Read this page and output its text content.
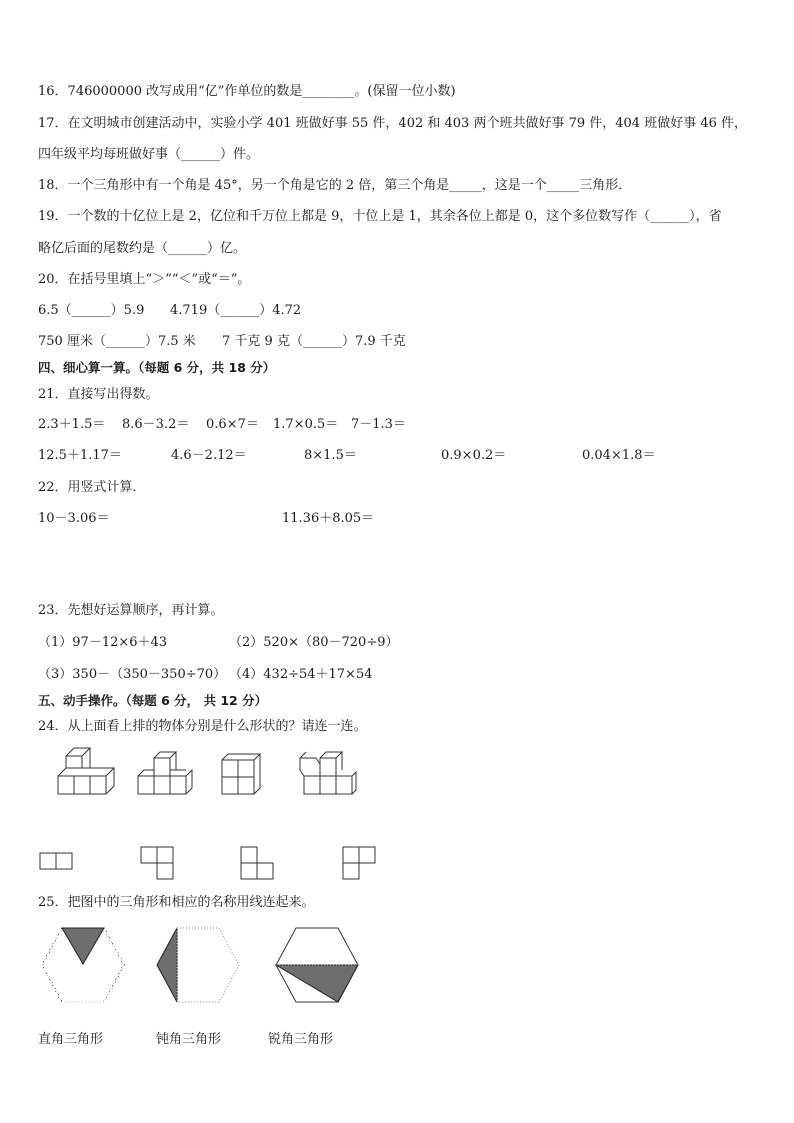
16．746000000 改写成用“亿”作单位的数是________。(保留一位小数)
17．在文明城市创建活动中，实验小学 401 班做好事 55 件，402 和 403 两个班共做好事 79 件，404 班做好事 46 件，
四年级平均每班做好事（______）件。
18．一个三角形中有一个角是 45°，另一个角是它的 2 倍，第三个角是_____，这是一个_____三角形．
19．一个数的十亿位上是 2，亿位和千万位上都是 9，十位上是 1，其余各位上都是 0，这个多位数写作（______），省
略亿后面的尾数约是（______）亿。
20．在括号里填上“＞”“＜”或“＝”。
6.5（______）5.9 4.719（______）4.72
750 厘米（______）7.5 米 7 千克 9 克（______）7.9 千克
四、细心算一算。（每题 6 分，共 18 分）
21．直接写出得数。
2.3＋1.5＝ 8.6－3.2＝ 0.6×7＝ 1.7×0.5＝ 7－1.3＝
12.5＋1.17＝	4.6－2.12＝	8×1.5＝	0.9×0.2＝	0.04×1.8＝
22．用竖式计算．
10－3.06＝	11.36＋8.05＝
23．先想好运算顺序，再计算。
（1）97－12×6＋43	（2）520×（80－720÷9）
（3）350－（350－350÷70） （4）432÷54＋17×54
五、动手操作。（每题 6 分， 共 12 分）
24．从上面看上排的物体分别是什么形状的？请连一连。
25．把图中的三角形和相应的名称用线连起来。
直角三角形	钝角三角形	锐角三角形
